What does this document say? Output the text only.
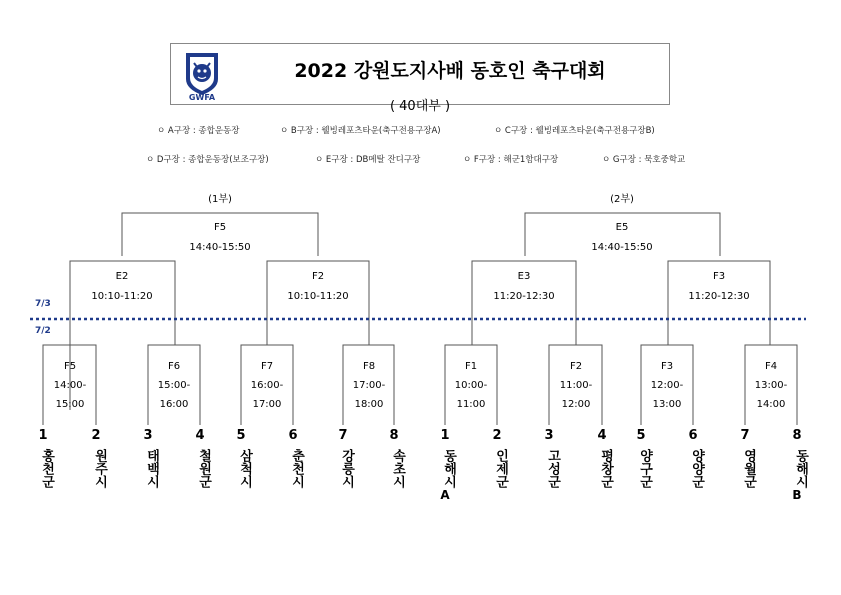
GWFA
2022 강원도지사배 동호인 축구대회
( 40대부 )
ㅇ A구장 : 종합운동장	ㅇ B구장 : 웰빙레포츠타운(축구전용구장A)	ㅇ C구장 : 웰빙레포츠타운(축구전용구장B)
ㅇ D구장 : 종합운동장(보조구장)	ㅇ E구장 : DB메탈 잔디구장	ㅇ F구장 : 해군1함대구장	ㅇ G구장 : 묵호중학교
7/3
7/2
(1부)	(2부)
F5
14:40-15:50
E5
14:40-15:50
E2
10:10-11:20
F2
10:10-11:20
E3
11:20-12:30
F3
11:20-12:30
F5
14:00-
15:00
F6
15:00-
16:00
F7
16:00-
17:00
F8
17:00-
18:00
F1
10:00-
11:00
F2
11:00-
12:00
F3
12:00-
13:00
F4
13:00-
14:00
1
홍천군
2
원주시
3
태백시
4
철원군
5
삼척시
6
춘천시
7
강릉시
8
속초시
1
동해시
A
2
인제군
3
고성군
4
평창군
5
양구군
6
양양군
7
영월군
8
동해시
B
